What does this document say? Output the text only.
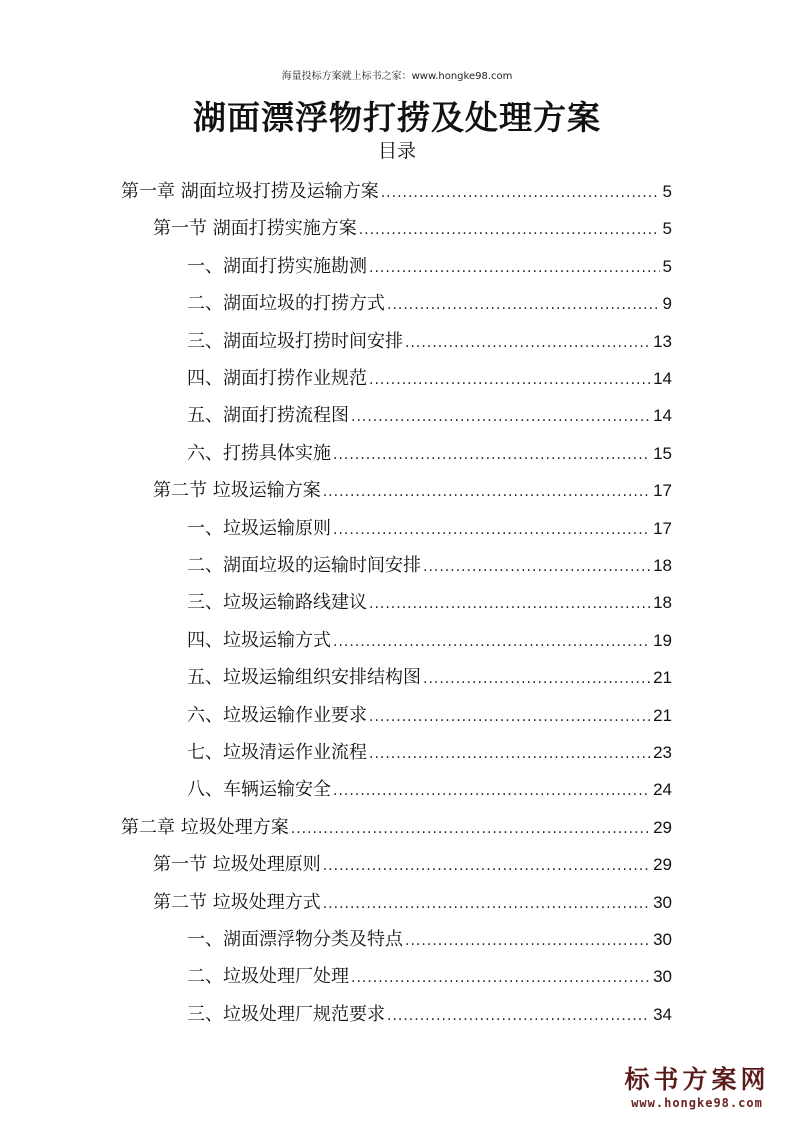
海量投标方案就上标书之家：www.hongke98.com
湖面漂浮物打捞及处理方案
目录
第一章 湖面垃圾打捞及运输方案 .....	5
第一节 湖面打捞实施方案 .....	5
一、湖面打捞实施勘测 .....	5
二、湖面垃圾的打捞方式 .....	9
三、湖面垃圾打捞时间安排 .....	13
四、湖面打捞作业规范 .....	14
五、湖面打捞流程图 .....	14
六、打捞具体实施 .....	15
第二节 垃圾运输方案 .....	17
一、垃圾运输原则 .....	17
二、湖面垃圾的运输时间安排 .....	18
三、垃圾运输路线建议 .....	18
四、垃圾运输方式 .....	19
五、垃圾运输组织安排结构图 .....	21
六、垃圾运输作业要求 .....	21
七、垃圾清运作业流程 .....	23
八、车辆运输安全 .....	24
第二章 垃圾处理方案 .....	29
第一节 垃圾处理原则 .....	29
第二节 垃圾处理方式 .....	30
一、湖面漂浮物分类及特点 .....	30
二、垃圾处理厂处理 .....	30
三、垃圾处理厂规范要求 .....	34
标书方案网
www.hongke98.com
